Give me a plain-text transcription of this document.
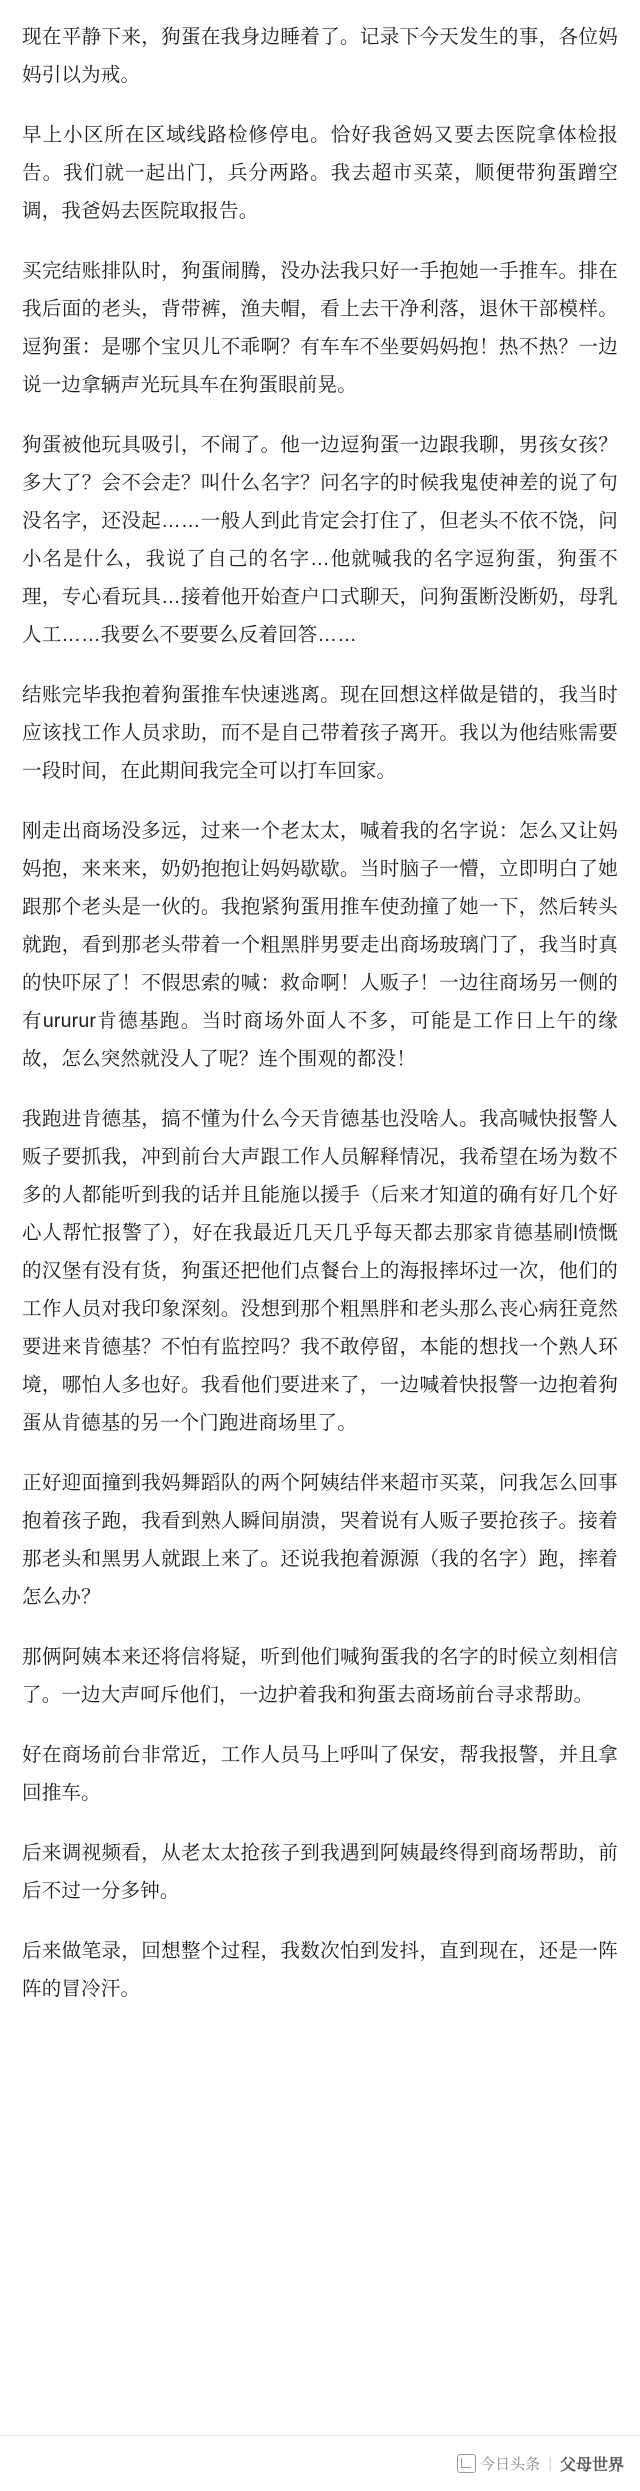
现在平静下来，狗蛋在我身边睡着了。记录下今天发生的事，各位妈妈引以为戒。

早上小区所在区域线路检修停电。恰好我爸妈又要去医院拿体检报告。我们就一起出门，兵分两路。我去超市买菜，顺便带狗蛋蹭空调，我爸妈去医院取报告。

买完结账排队时，狗蛋闹腾，没办法我只好一手抱她一手推车。排在我后面的老头，背带裤，渔夫帽，看上去干净利落，退休干部模样。逗狗蛋：是哪个宝贝儿不乖啊？有车车不坐要妈妈抱！热不热？一边说一边拿辆声光玩具车在狗蛋眼前晃。

狗蛋被他玩具吸引，不闹了。他一边逗狗蛋一边跟我聊，男孩女孩？多大了？会不会走？叫什么名字？问名字的时候我鬼使神差的说了句没名字，还没起……一般人到此肯定会打住了，但老头不依不饶，问小名是什么，我说了自己的名字…他就喊我的名字逗狗蛋，狗蛋不理，专心看玩具…接着他开始查户口式聊天，问狗蛋断没断奶，母乳人工……我要么不要要么反着回答……

结账完毕我抱着狗蛋推车快速逃离。现在回想这样做是错的，我当时应该找工作人员求助，而不是自己带着孩子离开。我以为他结账需要一段时间，在此期间我完全可以打车回家。

刚走出商场没多远，过来一个老太太，喊着我的名字说：怎么又让妈妈抱，来来来，奶奶抱抱让妈妈歇歇。当时脑子一懵，立即明白了她跟那个老头是一伙的。我抱紧狗蛋用推车使劲撞了她一下，然后转头就跑，看到那老头带着一个粗黑胖男要走出商场玻璃门了，我当时真的快吓尿了！不假思索的喊：救命啊！人贩子！一边往商场另一侧的有ururur肯德基跑。当时商场外面人不多，可能是工作日上午的缘故，怎么突然就没人了呢？连个围观的都没！

我跑进肯德基，搞不懂为什么今天肯德基也没啥人。我高喊快报警人贩子要抓我，冲到前台大声跟工作人员解释情况，我希望在场为数不多的人都能听到我的话并且能施以援手（后来才知道的确有好几个好心人帮忙报警了），好在我最近几天几乎每天都去那家肯德基刷l愤慨的汉堡有没有货，狗蛋还把他们点餐台上的海报摔坏过一次，他们的工作人员对我印象深刻。没想到那个粗黑胖和老头那么丧心病狂竟然要进来肯德基？不怕有监控吗？我不敢停留，本能的想找一个熟人环境，哪怕人多也好。我看他们要进来了，一边喊着快报警一边抱着狗蛋从肯德基的另一个门跑进商场里了。

正好迎面撞到我妈舞蹈队的两个阿姨结伴来超市买菜，问我怎么回事抱着孩子跑，我看到熟人瞬间崩溃，哭着说有人贩子要抢孩子。接着那老头和黑男人就跟上来了。还说我抱着源源（我的名字）跑，摔着怎么办？

那俩阿姨本来还将信将疑，听到他们喊狗蛋我的名字的时候立刻相信了。一边大声呵斥他们，一边护着我和狗蛋去商场前台寻求帮助。

好在商场前台非常近，工作人员马上呼叫了保安，帮我报警，并且拿回推车。

后来调视频看，从老太太抢孩子到我遇到阿姨最终得到商场帮助，前后不过一分多钟。

后来做笔录，回想整个过程，我数次怕到发抖，直到现在，还是一阵阵的冒冷汗。

今日头条 | 父母世界
